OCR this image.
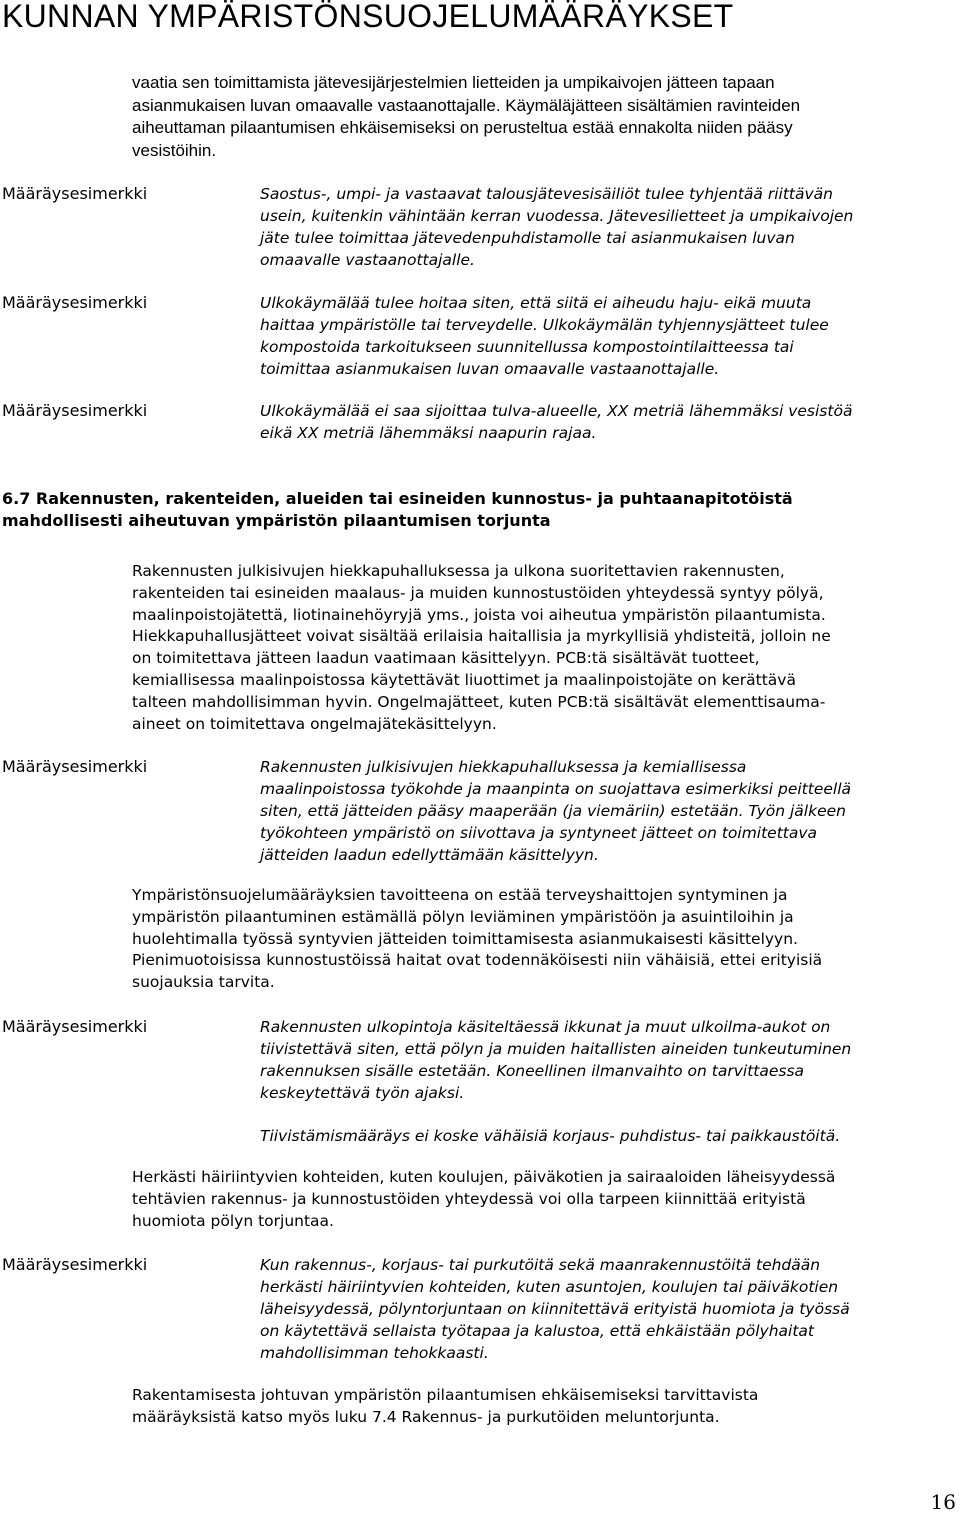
KUNNAN YMPÄRISTÖNSUOJELUMÄÄRÄYKSET
vaatia sen toimittamista jätevesijärjestelmien lietteiden ja umpikaivojen jätteen tapaan
asianmukaisen luvan omaavalle vastaanottajalle. Käymäläjätteen sisältämien ravinteiden
aiheuttaman pilaantumisen ehkäisemiseksi on perusteltua estää ennakolta niiden pääsy
vesistöihin.
Määräysesimerkki	Saostus-, umpi- ja vastaavat talousjätevesisäiliöt tulee tyhjentää riittävän
usein, kuitenkin vähintään kerran vuodessa. Jätevesilietteet ja umpikaivojen
jäte tulee toimittaa jätevedenpuhdistamolle tai asianmukaisen luvan
omaavalle vastaanottajalle.
Määräysesimerkki	Ulkokäymälää tulee hoitaa siten, että siitä ei aiheudu haju- eikä muuta
haittaa ympäristölle tai terveydelle. Ulkokäymälän tyhjennysjätteet tulee
kompostoida tarkoitukseen suunnitellussa kompostointilaitteessa tai
toimittaa asianmukaisen luvan omaavalle vastaanottajalle.
Määräysesimerkki	Ulkokäymälää ei saa sijoittaa tulva-alueelle, XX metriä lähemmäksi vesistöä
eikä XX metriä lähemmäksi naapurin rajaa.
6.7 Rakennusten, rakenteiden, alueiden tai esineiden kunnostus- ja puhtaanapitotöistä
mahdollisesti aiheutuvan ympäristön pilaantumisen torjunta
Rakennusten julkisivujen hiekkapuhalluksessa ja ulkona suoritettavien rakennusten,
rakenteiden tai esineiden maalaus- ja muiden kunnostustöiden yhteydessä syntyy pölyä,
maalinpoistojätettä, liotinainehöyryjä yms., joista voi aiheutua ympäristön pilaantumista.
Hiekkapuhallusjätteet voivat sisältää erilaisia haitallisia ja myrkyllisiä yhdisteitä, jolloin ne
on toimitettava jätteen laadun vaatimaan käsittelyyn. PCB:tä sisältävät tuotteet,
kemiallisessa maalinpoistossa käytettävät liuottimet ja maalinpoistojäte on kerättävä
talteen mahdollisimman hyvin. Ongelmajätteet, kuten PCB:tä sisältävät elementtisauma-
aineet on toimitettava ongelmajätekäsittelyyn.
Määräysesimerkki	Rakennusten julkisivujen hiekkapuhalluksessa ja kemiallisessa
maalinpoistossa työkohde ja maanpinta on suojattava esimerkiksi peitteellä
siten, että jätteiden pääsy maaperään (ja viemäriin) estetään. Työn jälkeen
työkohteen ympäristö on siivottava ja syntyneet jätteet on toimitettava
jätteiden laadun edellyttämään käsittelyyn.
Ympäristönsuojelumääräyksien tavoitteena on estää terveyshaittojen syntyminen ja
ympäristön pilaantuminen estämällä pölyn leviäminen ympäristöön ja asuintiloihin ja
huolehtimalla työssä syntyvien jätteiden toimittamisesta asianmukaisesti käsittelyyn.
Pienimuotoisissa kunnostustöissä haitat ovat todennäköisesti niin vähäisiä, ettei erityisiä
suojauksia tarvita.
Määräysesimerkki	Rakennusten ulkopintoja käsiteltäessä ikkunat ja muut ulkoilma-aukot on
tiivistettävä siten, että pölyn ja muiden haitallisten aineiden tunkeutuminen
rakennuksen sisälle estetään. Koneellinen ilmanvaihto on tarvittaessa
keskeytettävä työn ajaksi.
Tiivistämismääräys ei koske vähäisiä korjaus- puhdistus- tai paikkaustöitä.
Herkästi häiriintyvien kohteiden, kuten koulujen, päiväkotien ja sairaaloiden läheisyydessä
tehtävien rakennus- ja kunnostustöiden yhteydessä voi olla tarpeen kiinnittää erityistä
huomiota pölyn torjuntaa.
Määräysesimerkki	Kun rakennus-, korjaus- tai purkutöitä sekä maanrakennustöitä tehdään
herkästi häiriintyvien kohteiden, kuten asuntojen, koulujen tai päiväkotien
läheisyydessä, pölyntorjuntaan on kiinnitettävä erityistä huomiota ja työssä
on käytettävä sellaista työtapaa ja kalustoa, että ehkäistään pölyhaitat
mahdollisimman tehokkaasti.
Rakentamisesta johtuvan ympäristön pilaantumisen ehkäisemiseksi tarvittavista
määräyksistä katso myös luku 7.4 Rakennus- ja purkutöiden meluntorjunta.
16
